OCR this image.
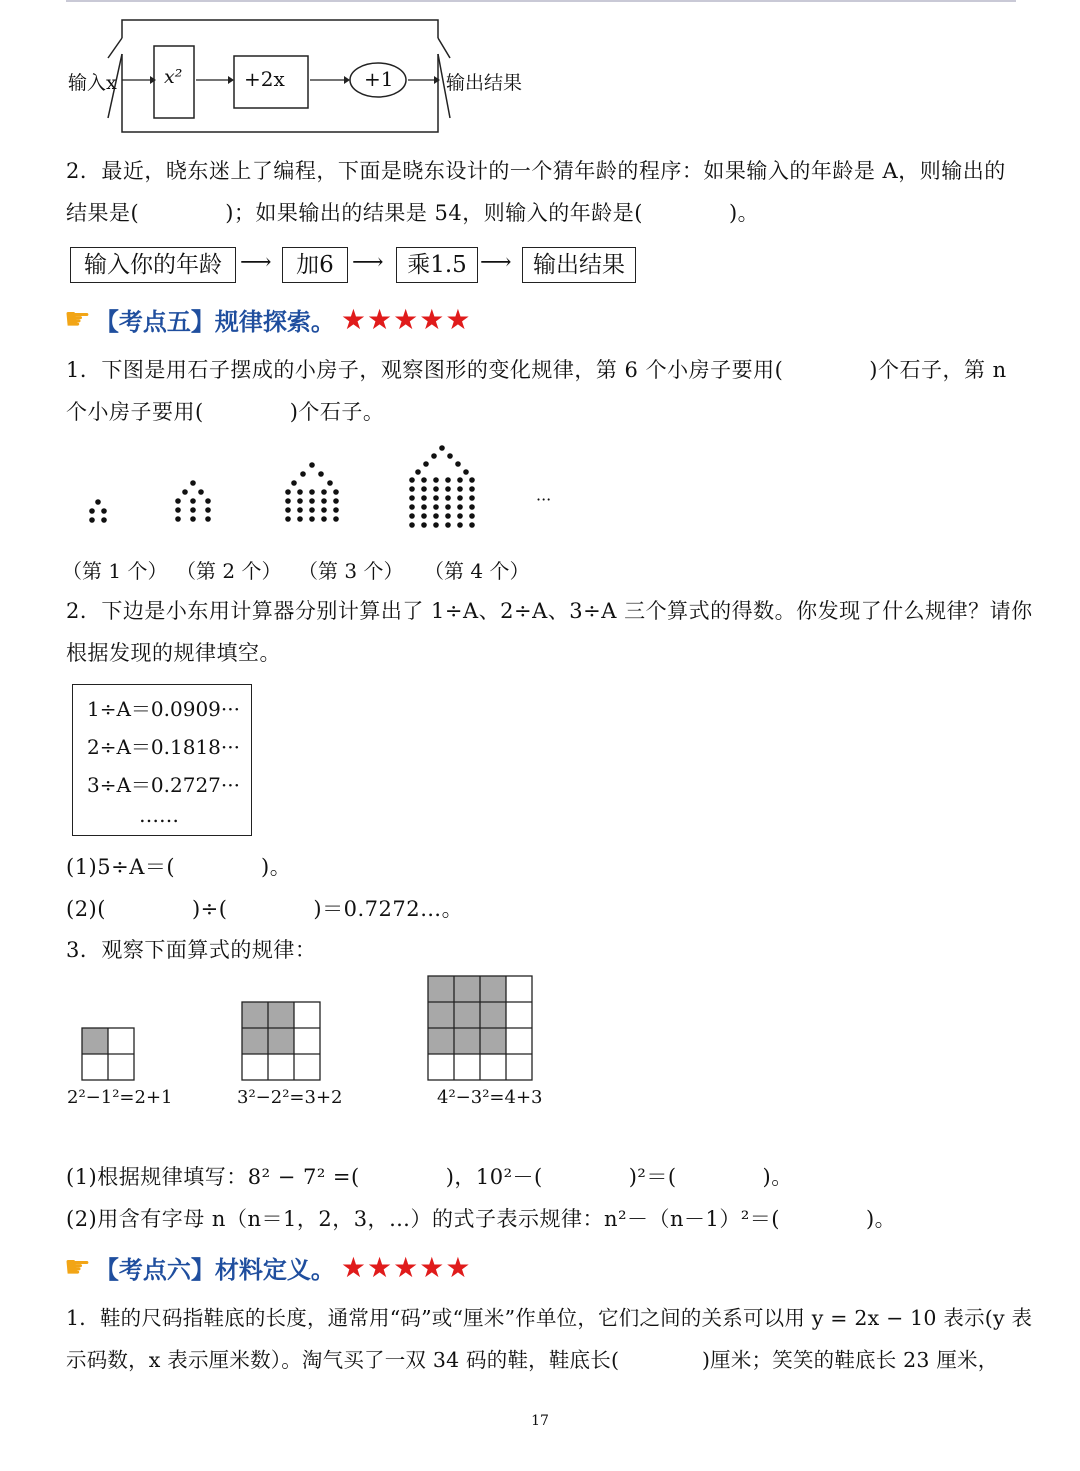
输入x x²	+2x	+1	输出结果
2．最近，晓东迷上了编程，下面是晓东设计的一个猜年龄的程序：如果输入的年龄是 A，则输出的
结果是(　　　　)；如果输出的结果是 54，则输入的年龄是(　　　　)。
输入你的年龄 ⟶	加6 ⟶	乘1.5 ⟶ 输出结果
☛ 【考点五】规律探索。 ★★★★★
1．下图是用石子摆成的小房子，观察图形的变化规律，第 6 个小房子要用(　　　　)个石子，第 n
个小房子要用(　　　　)个石子。
···
（第 1 个） （第 2 个） （第 3 个） （第 4 个）
2．下边是小东用计算器分别计算出了 1÷A、2÷A、3÷A 三个算式的得数。你发现了什么规律？请你
根据发现的规律填空。
1÷A＝0.0909···
2÷A＝0.1818···
3÷A＝0.2727···
……
(1)5÷A＝(　　　　)。
(2)(　　　　)÷(　　　　)＝0.7272…。
3．观察下面算式的规律：
2²−1²=2+1	3²−2²=3+2	4²−3²=4+3
(1)根据规律填写：8² − 7² =(　　　　)，10²－(　　　　)²＝(　　　　)。
(2)用含有字母 n（n＝1，2，3，…）的式子表示规律：n²－（n－1）²＝(　　　　)。
☛ 【考点六】材料定义。 ★★★★★
1．鞋的尺码指鞋底的长度，通常用“码”或“厘米”作单位，它们之间的关系可以用 y = 2x − 10 表示(y 表
示码数，x 表示厘米数）。淘气买了一双 34 码的鞋，鞋底长(　　　　)厘米；笑笑的鞋底长 23 厘米，
17
